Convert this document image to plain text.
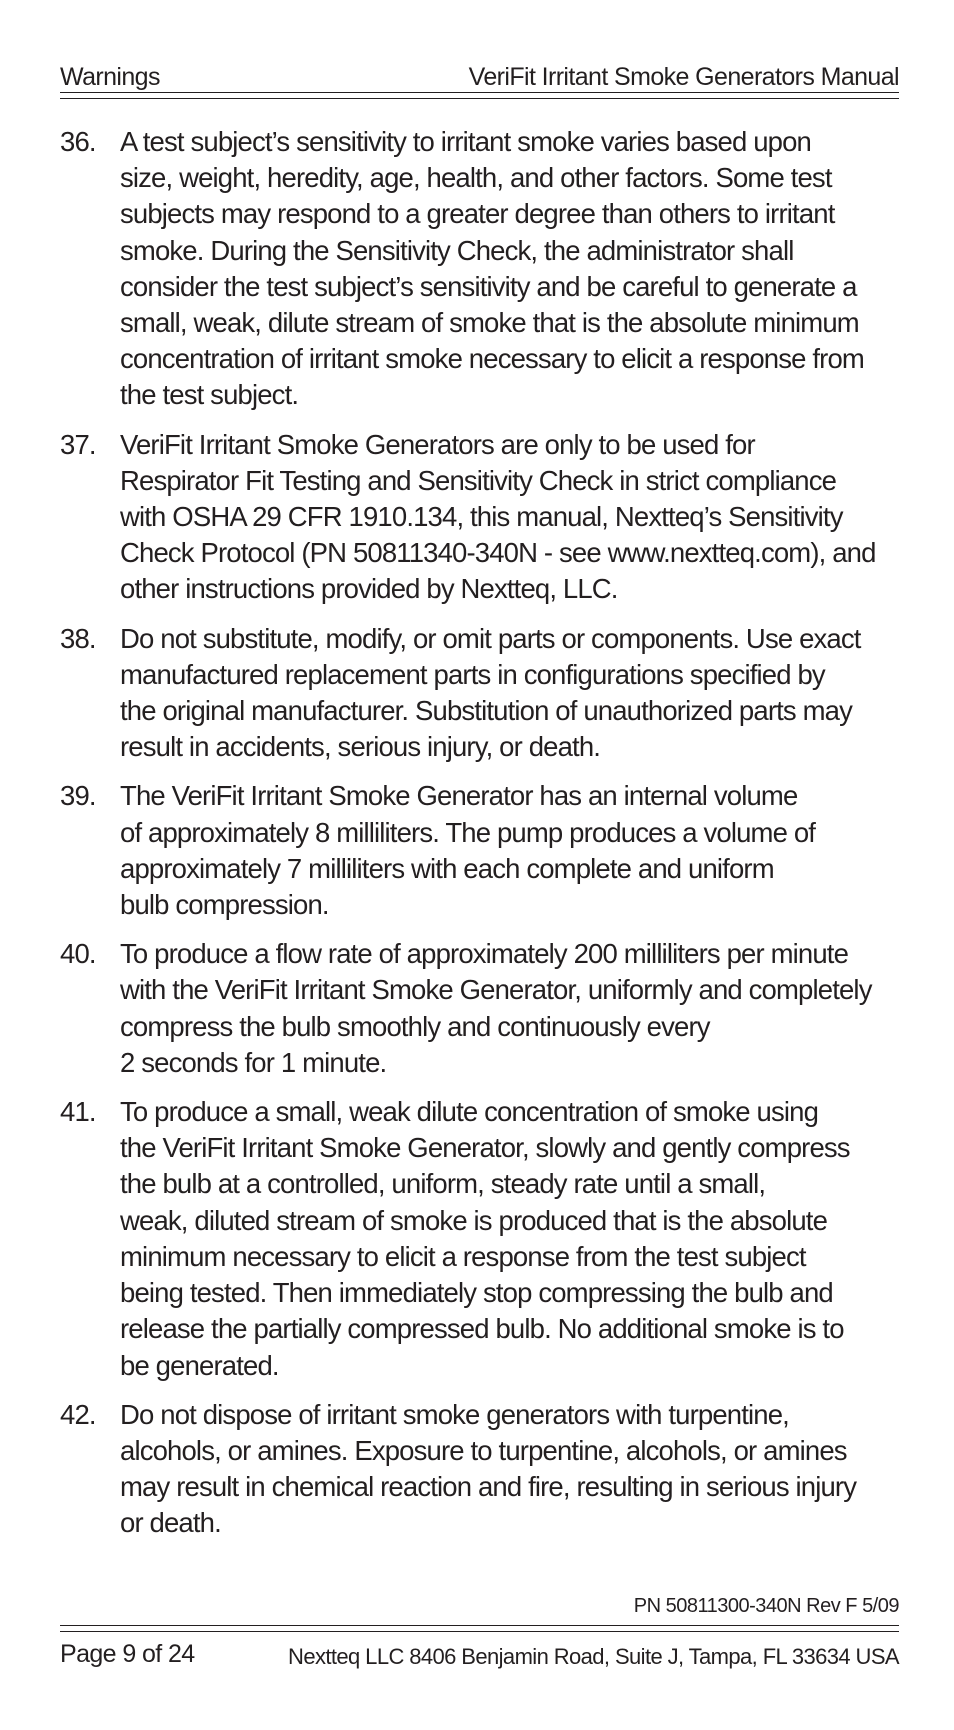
Warnings	VeriFit Irritant Smoke Generators Manual
36. A test subject’s sensitivity to irritant smoke varies based upon
size, weight, heredity, age, health, and other factors. Some test
subjects may respond to a greater degree than others to irritant
smoke. During the Sensitivity Check, the administrator shall
consider the test subject’s sensitivity and be careful to generate a
small, weak, dilute stream of smoke that is the absolute minimum
concentration of irritant smoke necessary to elicit a response from
the test subject.
37. VeriFit Irritant Smoke Generators are only to be used for
Respirator Fit Testing and Sensitivity Check in strict compliance
with OSHA 29 CFR 1910.134, this manual, Nextteq’s Sensitivity
Check Protocol (PN 50811340-340N - see www.nextteq.com), and
other instructions provided by Nextteq, LLC.
38. Do not substitute, modify, or omit parts or components. Use exact
manufactured replacement parts in configurations specified by
the original manufacturer. Substitution of unauthorized parts may
result in accidents, serious injury, or death.
39. The VeriFit Irritant Smoke Generator has an internal volume
of approximately 8 milliliters. The pump produces a volume of
approximately 7 milliliters with each complete and uniform
bulb compression.
40. To produce a flow rate of approximately 200 milliliters per minute
with the VeriFit Irritant Smoke Generator, uniformly and completely
compress the bulb smoothly and continuously every
2 seconds for 1 minute.
41. To produce a small, weak dilute concentration of smoke using
the VeriFit Irritant Smoke Generator, slowly and gently compress
the bulb at a controlled, uniform, steady rate until a small,
weak, diluted stream of smoke is produced that is the absolute
minimum necessary to elicit a response from the test subject
being tested. Then immediately stop compressing the bulb and
release the partially compressed bulb. No additional smoke is to
be generated.
42. Do not dispose of irritant smoke generators with turpentine,
alcohols, or amines. Exposure to turpentine, alcohols, or amines
may result in chemical reaction and fire, resulting in serious injury
or death.
PN 50811300-340N Rev F 5/09
Page 9 of 24	Nextteq LLC 8406 Benjamin Road, Suite J, Tampa, FL 33634 USA
